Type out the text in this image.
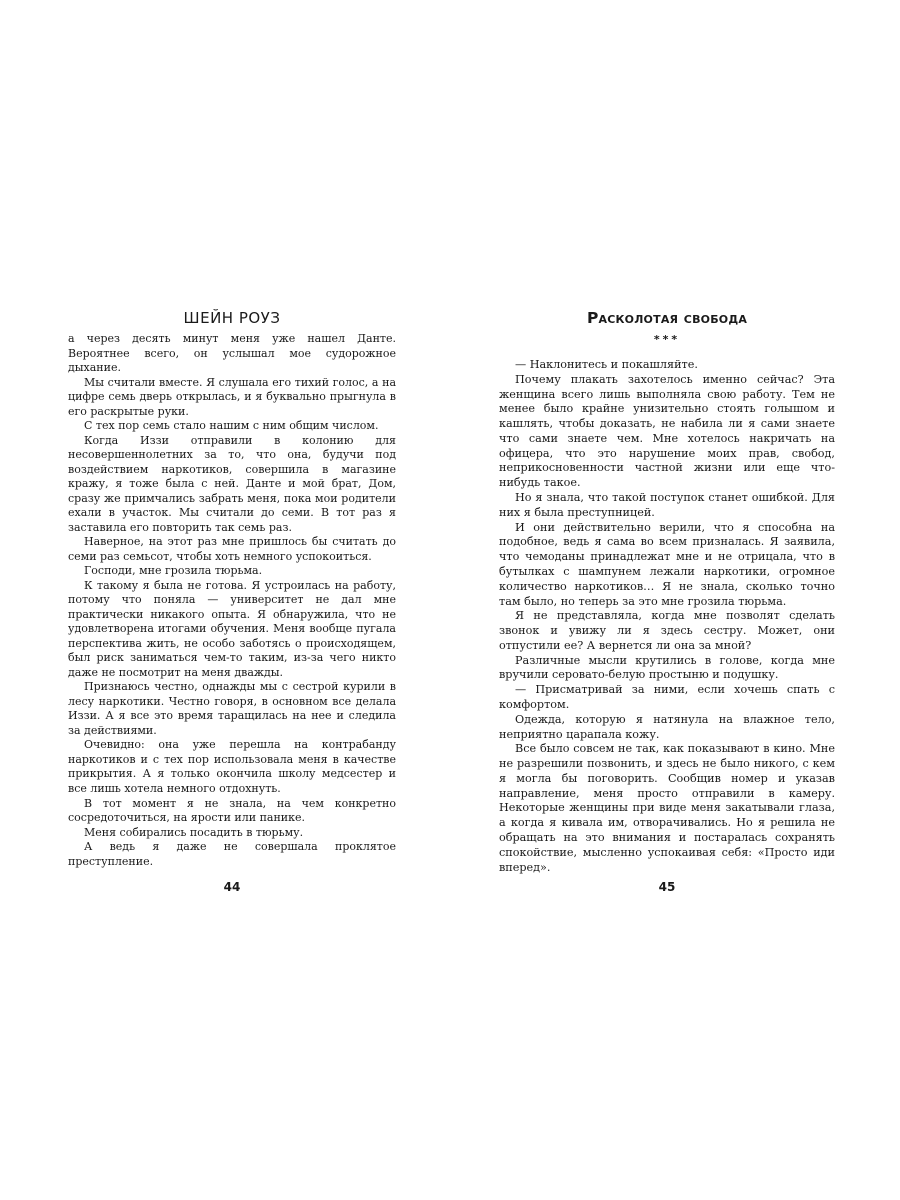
ШЕЙН РОУЗ

а через десять минут меня уже нашел Данте. Вероятнее всего, он услышал мое судорожное дыхание.

Мы считали вместе. Я слушала его тихий голос, а на цифре семь дверь открылась, и я буквально прыгнула в его раскрытые руки.

С тех пор семь стало нашим с ним общим числом.

Когда Иззи отправили в колонию для несовершеннолетних за то, что она, будучи под воздействием наркотиков, совершила в магазине кражу, я тоже была с ней. Данте и мой брат, Дом, сразу же примчались забрать меня, пока мои родители ехали в участок. Мы считали до семи. В тот раз я заставила его повторить так семь раз.

Наверное, на этот раз мне пришлось бы считать до семи раз семьсот, чтобы хоть немного успокоиться.

Господи, мне грозила тюрьма.

К такому я была не готова. Я устроилась на работу, потому что поняла — университет не дал мне практически никакого опыта. Я обнаружила, что не удовлетворена итогами обучения. Меня вообще пугала перспектива жить, не особо заботясь о происходящем, был риск заниматься чем-то таким, из-за чего никто даже не посмотрит на меня дважды.

Признаюсь честно, однажды мы с сестрой курили в лесу наркотики. Честно говоря, в основном все делала Иззи. А я все это время таращилась на нее и следила за действиями.

Очевидно: она уже перешла на контрабанду наркотиков и с тех пор использовала меня в качестве прикрытия. А я только окончила школу медсестер и все лишь хотела немного отдохнуть.

В тот момент я не знала, на чем конкретно сосредоточиться, на ярости или панике.

Меня собирались посадить в тюрьму.

А ведь я даже не совершала проклятое преступление.

44
Расколотая свобода
***

— Наклонитесь и покашляйте.

Почему плакать захотелось именно сейчас? Эта женщина всего лишь выполняла свою работу. Тем не менее было крайне унизительно стоять голышом и кашлять, чтобы доказать, не набила ли я сами знаете что сами знаете чем. Мне хотелось накричать на офицера, что это нарушение моих прав, свобод, неприкосновенности частной жизни или еще что-нибудь такое.

Но я знала, что такой поступок станет ошибкой. Для них я была преступницей.

И они действительно верили, что я способна на подобное, ведь я сама во всем призналась. Я заявила, что чемоданы принадлежат мне и не отрицала, что в бутылках с шампунем лежали наркотики, огромное количество наркотиков… Я не знала, сколько точно там было, но теперь за это мне грозила тюрьма.

Я не представляла, когда мне позволят сделать звонок и увижу ли я здесь сестру. Может, они отпустили ее? А вернется ли она за мной?

Различные мысли крутились в голове, когда мне вручили серовато-белую простыню и подушку.

— Присматривай за ними, если хочешь спать с комфортом.

Одежда, которую я натянула на влажное тело, неприятно царапала кожу.

Все было совсем не так, как показывают в кино. Мне не разрешили позвонить, и здесь не было никого, с кем я могла бы поговорить. Сообщив номер и указав направление, меня просто отправили в камеру. Некоторые женщины при виде меня закатывали глаза, а когда я кивала им, отворачивались. Но я решила не обращать на это внимания и постаралась сохранять спокойствие, мысленно успокаивая себя: «Просто иди вперед».

45
